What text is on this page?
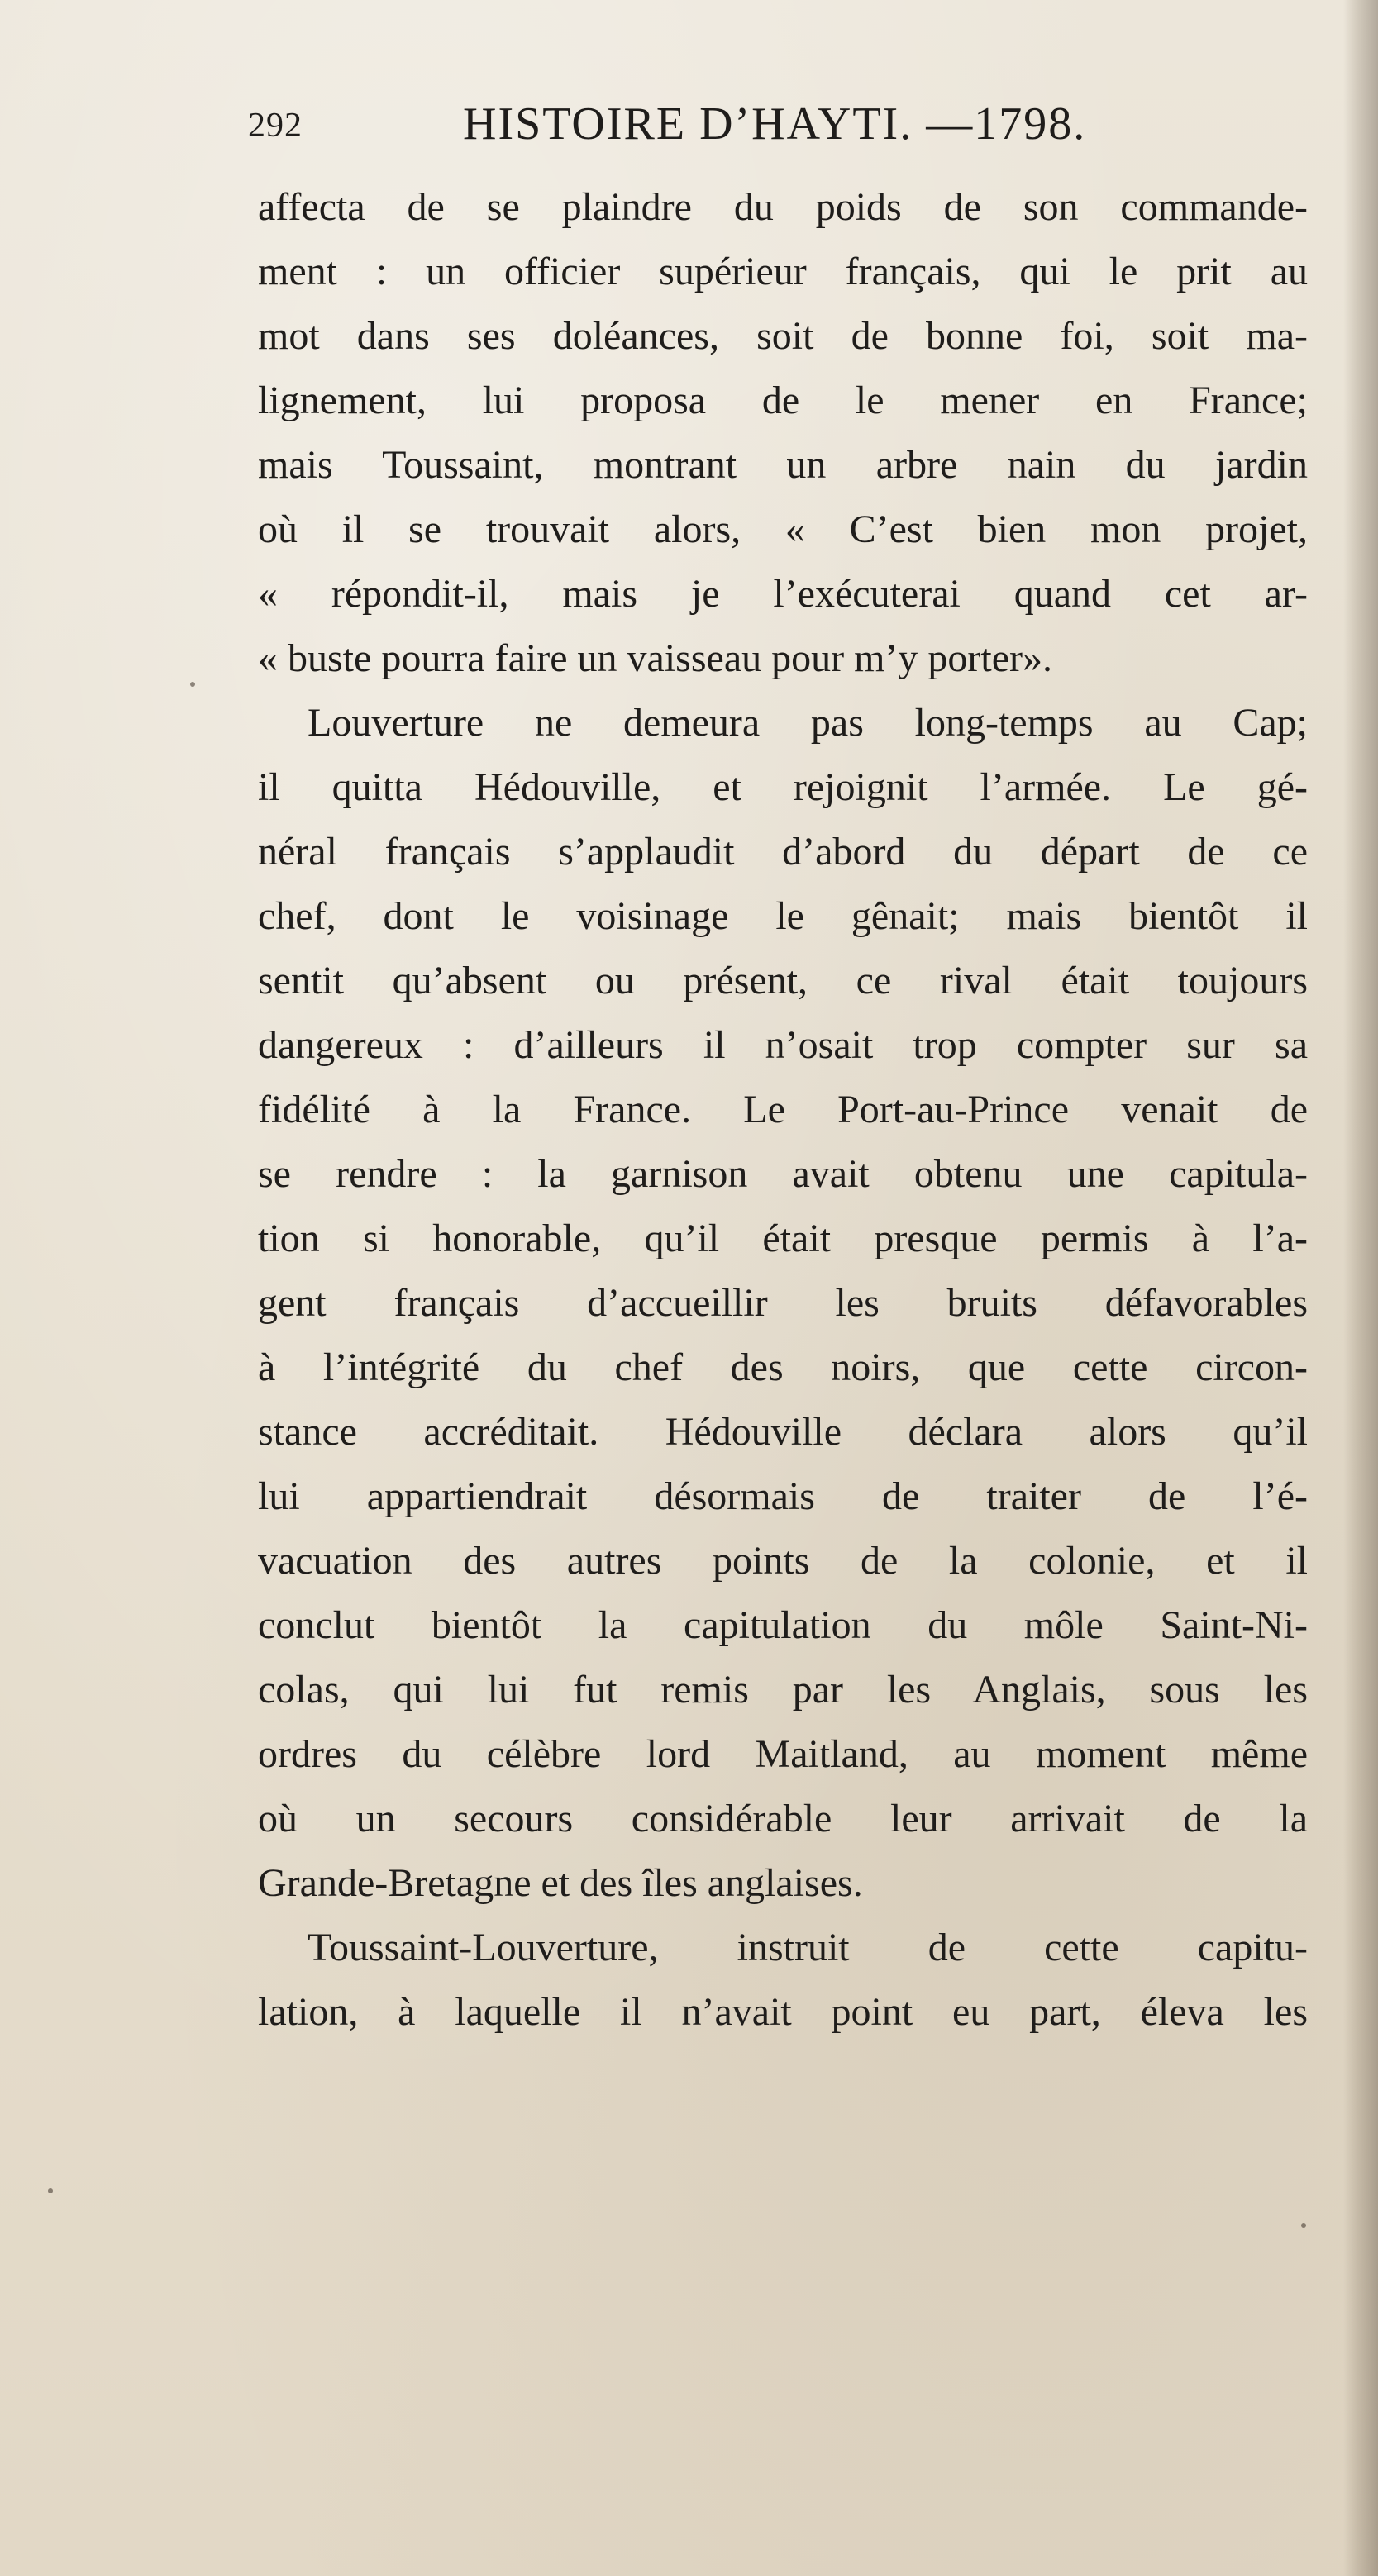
292	HISTOIRE D’HAYTI. —1798.
affecta de se plaindre du poids de son commande-
ment : un officier supérieur français, qui le prit au
mot dans ses doléances, soit de bonne foi, soit ma-
lignement, lui proposa de le mener en France;
mais Toussaint, montrant un arbre nain du jardin
où il se trouvait alors, « C’est bien mon projet,
« répondit-il, mais je l’exécuterai quand cet ar-
« buste pourra faire un vaisseau pour m’y porter».
Louverture ne demeura pas long-temps au Cap;
il quitta Hédouville, et rejoignit l’armée. Le gé-
néral français s’applaudit d’abord du départ de ce
chef, dont le voisinage le gênait; mais bientôt il
sentit qu’absent ou présent, ce rival était toujours
dangereux : d’ailleurs il n’osait trop compter sur sa
fidélité à la France. Le Port-au-Prince venait de
se rendre : la garnison avait obtenu une capitula-
tion si honorable, qu’il était presque permis à l’a-
gent français d’accueillir les bruits défavorables
à l’intégrité du chef des noirs, que cette circon-
stance accréditait. Hédouville déclara alors qu’il
lui appartiendrait désormais de traiter de l’é-
vacuation des autres points de la colonie, et il
conclut bientôt la capitulation du môle Saint-Ni-
colas, qui lui fut remis par les Anglais, sous les
ordres du célèbre lord Maitland, au moment même
où un secours considérable leur arrivait de la
Grande-Bretagne et des îles anglaises.
Toussaint-Louverture, instruit de cette capitu-
lation, à laquelle il n’avait point eu part, éleva les
